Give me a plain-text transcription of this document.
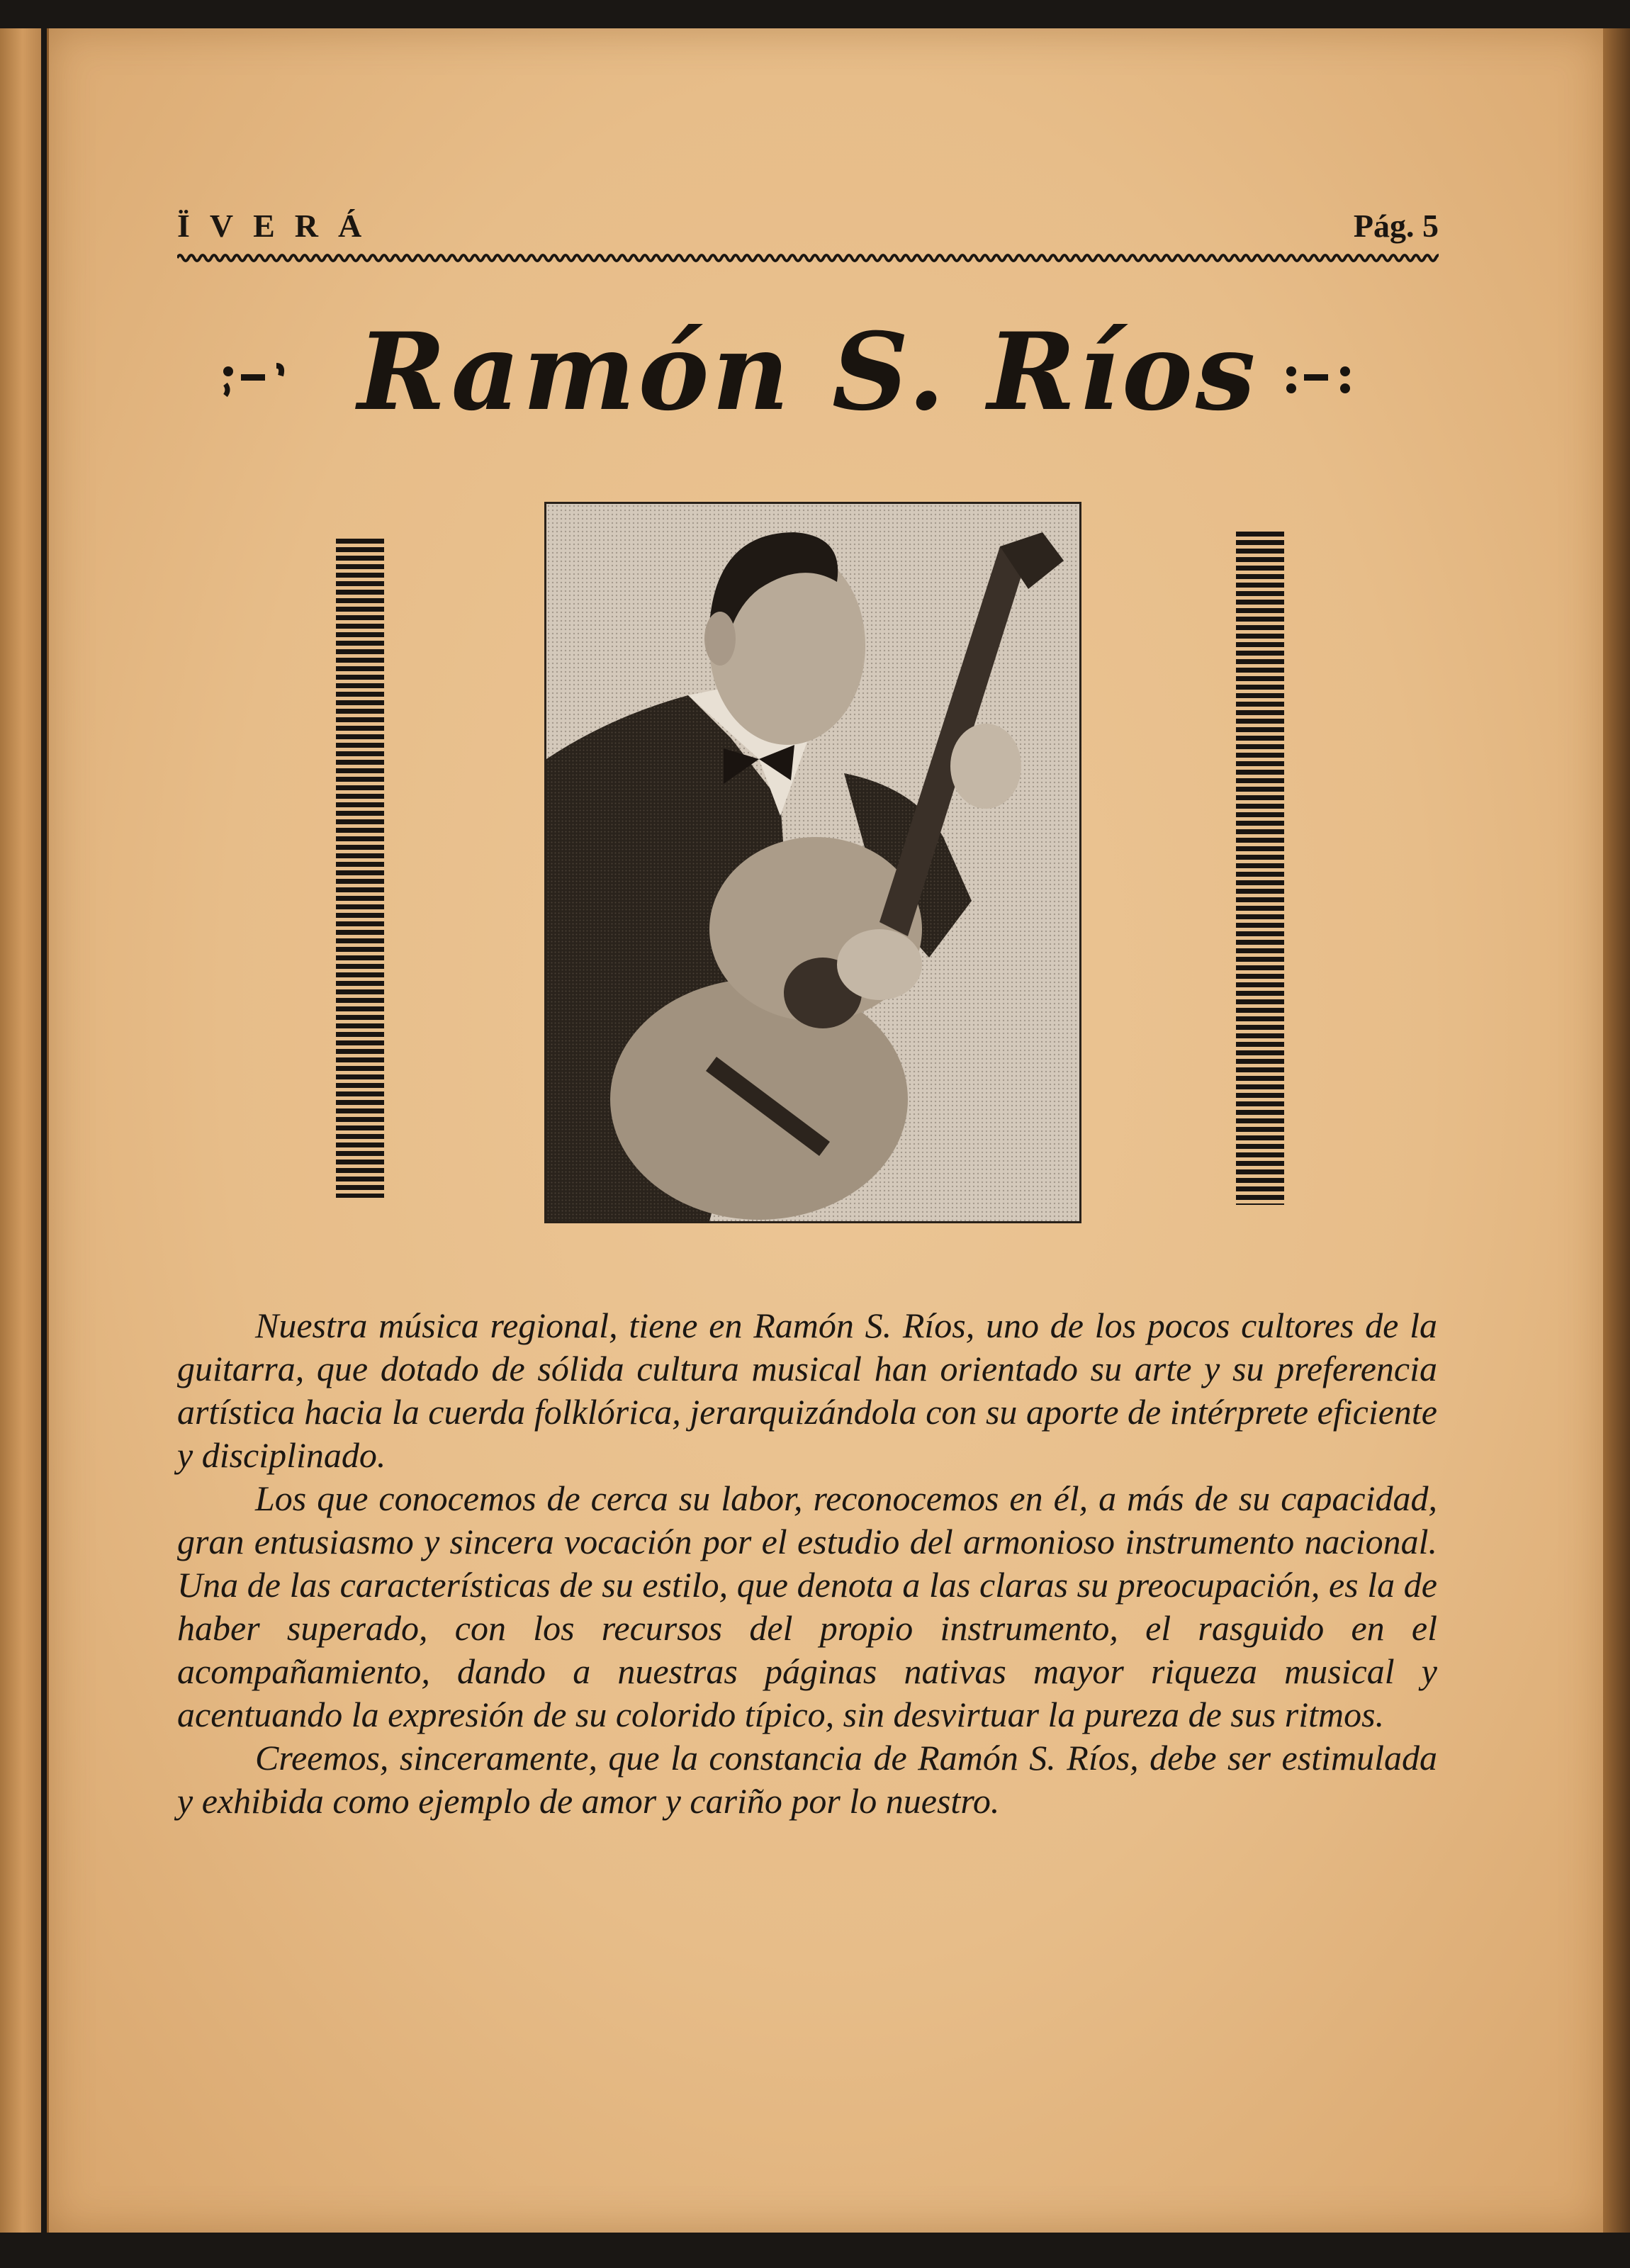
ÏVERÁ	Pág. 5
Ramón S. Ríos

Nuestra música regional, tiene en Ramón S. Ríos, uno de los pocos cultores de la guitarra, que dotado de sólida cultura musical han orientado su arte y su preferencia artística hacia la cuerda folklórica, jerarquizándola con su aporte de intérprete eficiente y disciplinado.

Los que conocemos de cerca su labor, reconocemos en él, a más de su capacidad, gran entusiasmo y sincera vocación por el estudio del armonioso instrumento nacional. Una de las características de su estilo, que denota a las claras su preocupación, es la de haber superado, con los recursos del propio instrumento, el rasguido en el acompañamiento, dando a nuestras páginas nativas mayor riqueza musical y acentuando la expresión de su colorido típico, sin desvirtuar la pureza de sus ritmos.

Creemos, sinceramente, que la constancia de Ramón S. Ríos, debe ser estimulada y exhibida como ejemplo de amor y cariño por lo nuestro.
